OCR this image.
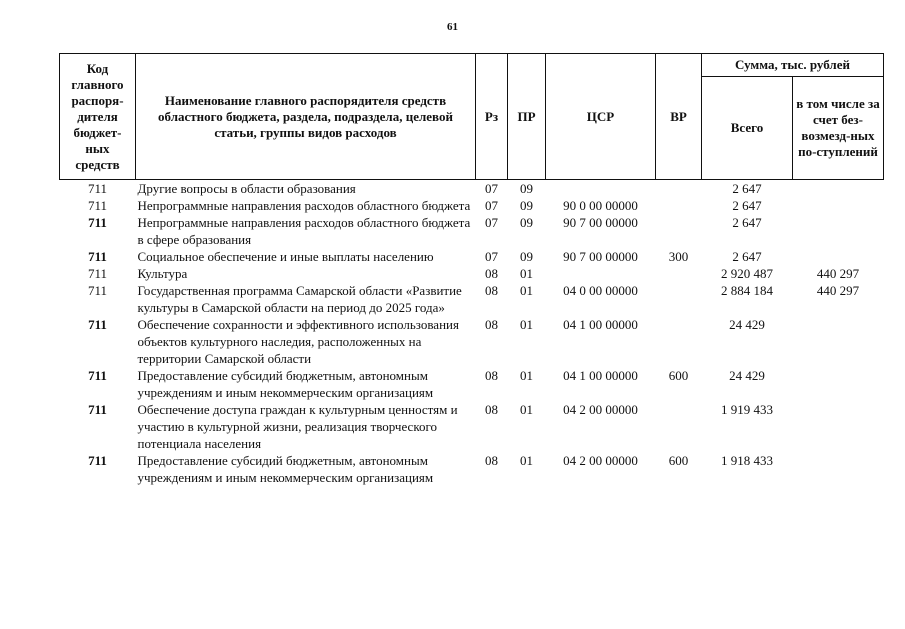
61
Код главного распоря-дителя бюджет-ных средств	Наименование главного распорядителя средств областного бюджета, раздела, подраздела, целевой статьи, группы видов расходов	Рз	ПР	ЦСР	ВР	Сумма, тыс. рублей	
						Всего	в том числе за счет без-возмезд-ных по-ступлений
711	Другие вопросы в области образования	07	09			2 647	
711	Непрограммные направления расходов областного бюджета	07	09	90 0 00 00000		2 647	
711	Непрограммные направления расходов областного бюджета в сфере образования	07	09	90 7 00 00000		2 647	
711	Социальное обеспечение и иные выплаты населению	07	09	90 7 00 00000	300	2 647	
711	Культура	08	01			2 920 487	440 297
711	Государственная программа Самарской области «Развитие культуры в Самарской области на период до 2025 года»	08	01	04 0 00 00000		2 884 184	440 297
711	Обеспечение сохранности и эффективного использования объектов культурного наследия, расположенных на территории Самарской области	08	01	04 1 00 00000		24 429	
711	Предоставление субсидий бюджетным, автономным учреждениям и иным некоммерческим организациям	08	01	04 1 00 00000	600	24 429	
711	Обеспечение доступа граждан к культурным ценностям и участию в культурной жизни, реализация творческого потенциала населения	08	01	04 2 00 00000		1 919 433	
711	Предоставление субсидий бюджетным, автономным учреждениям и иным некоммерческим организациям	08	01	04 2 00 00000	600	1 918 433	
